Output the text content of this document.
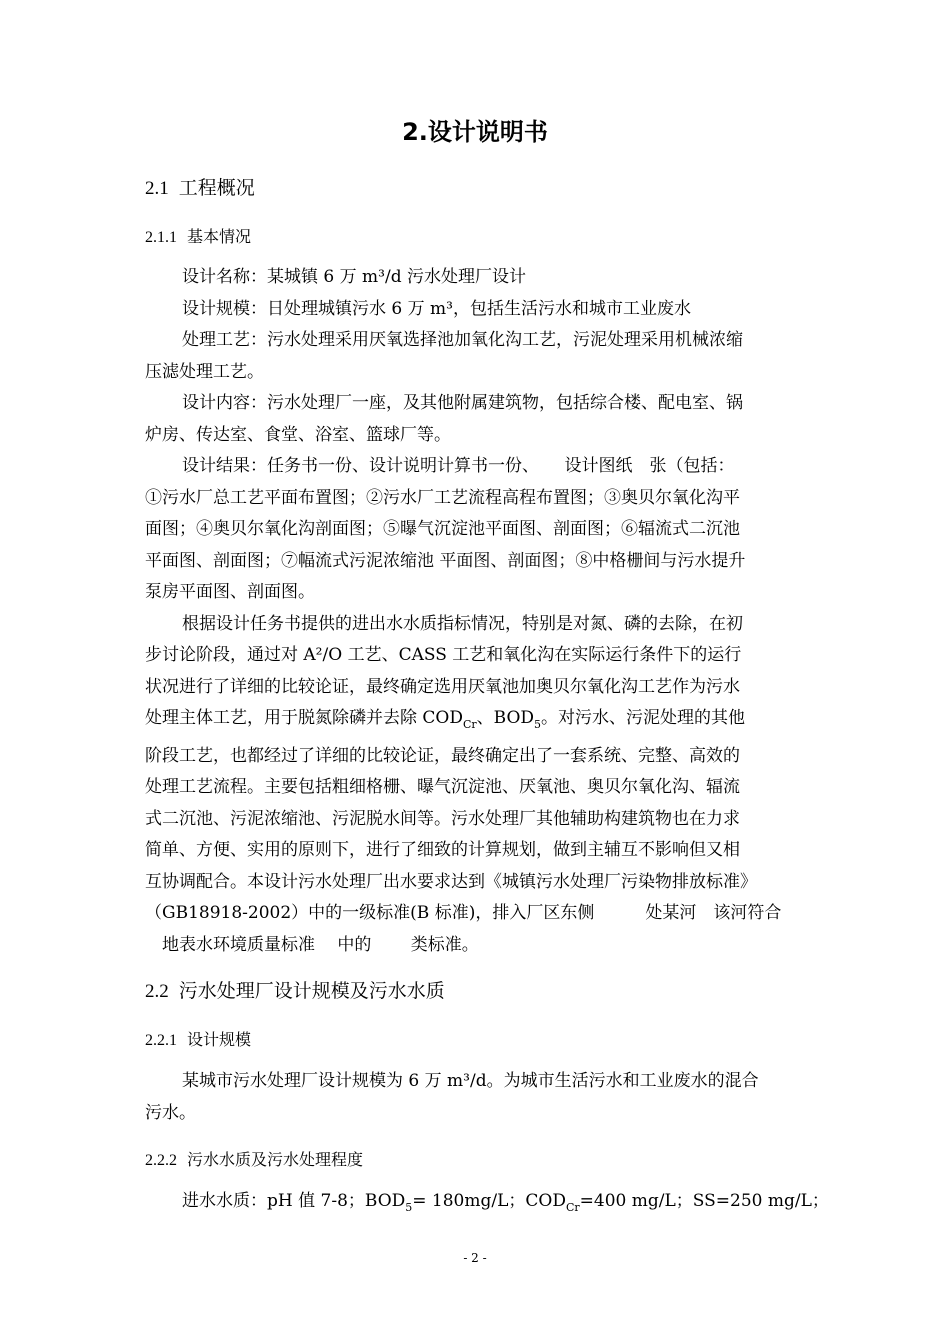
2.设计说明书
2.1 工程概况
2.1.1 基本情况
设计名称：某城镇 6 万 m³/d 污水处理厂设计
设计规模：日处理城镇污水 6 万 m³，包括生活污水和城市工业废水
处理工艺：污水处理采用厌氧选择池加氧化沟工艺，污泥处理采用机械浓缩
压滤处理工艺。
设计内容：污水处理厂一座，及其他附属建筑物，包括综合楼、配电室、锅
炉房、传达室、食堂、浴室、篮球厂等。
设计结果：任务书一份、设计说明计算书一份、　　设计图纸　张（包括：
①污水厂总工艺平面布置图；②污水厂工艺流程高程布置图；③奥贝尔氧化沟平
面图；④奥贝尔氧化沟剖面图；⑤曝气沉淀池平面图、剖面图；⑥辐流式二沉池
平面图、剖面图；⑦幅流式污泥浓缩池 平面图、剖面图；⑧中格栅间与污水提升
泵房平面图、剖面图。
根据设计任务书提供的进出水水质指标情况，特别是对氮、磷的去除，在初
步讨论阶段，通过对 A²/O 工艺、CASS 工艺和氧化沟在实际运行条件下的运行
状况进行了详细的比较论证，最终确定选用厌氧池加奥贝尔氧化沟工艺作为污水
处理主体工艺，用于脱氮除磷并去除 $COD_{Cr}$、$BOD_5$。对污水、污泥处理的其他
阶段工艺，也都经过了详细的比较论证，最终确定出了一套系统、完整、高效的
处理工艺流程。主要包括粗细格栅、曝气沉淀池、厌氧池、奥贝尔氧化沟、辐流
式二沉池、污泥浓缩池、污泥脱水间等。污水处理厂其他辅助构建筑物也在力求
简单、方便、实用的原则下，进行了细致的计算规划，做到主辅互不影响但又相
互协调配合。本设计污水处理厂出水要求达到《城镇污水处理厂污染物排放标准》
（GB18918-2002）中的一级标准(B 标准)，排入厂区东侧　　　处某河　该河符合
　地表水环境质量标准　 中的　　 类标准。
2.2 污水处理厂设计规模及污水水质
2.2.1 设计规模
某城市污水处理厂设计规模为 6 万 m³/d。为城市生活污水和工业废水的混合
污水。
2.2.2 污水水质及污水处理程度
进水水质：pH 值 7-8；$BOD_5= 180mg/L$；$COD_{Cr}=400$ mg/L；SS=250 mg/L；
- 2 -
